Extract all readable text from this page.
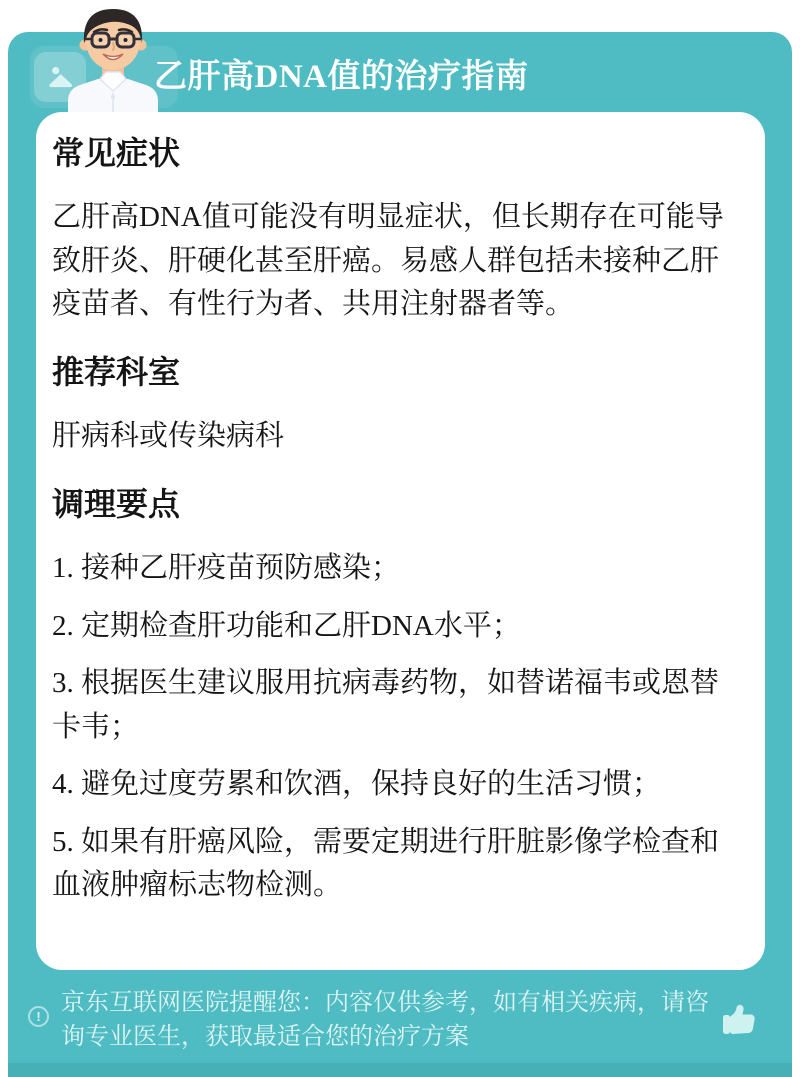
乙肝高DNA值的治疗指南
常见症状

乙肝高DNA值可能没有明显症状，但长期存在可能导致肝炎、肝硬化甚至肝癌。易感人群包括未接种乙肝疫苗者、有性行为者、共用注射器者等。

推荐科室

肝病科或传染病科

调理要点

1. 接种乙肝疫苗预防感染；

2. 定期检查肝功能和乙肝DNA水平；

3. 根据医生建议服用抗病毒药物，如替诺福韦或恩替卡韦；

4. 避免过度劳累和饮酒，保持良好的生活习惯；

5. 如果有肝癌风险，需要定期进行肝脏影像学检查和血液肿瘤标志物检测。

!

京东互联网医院提醒您：内容仅供参考，如有相关疾病，请咨询专业医生，获取最适合您的治疗方案
